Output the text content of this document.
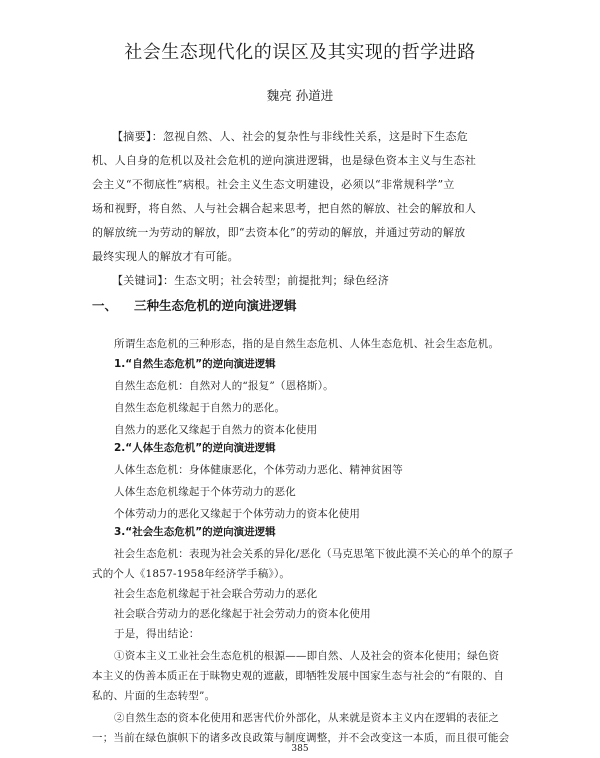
社会生态现代化的误区及其实现的哲学进路
魏亮 孙道进
【摘要】：忽视自然、人、社会的复杂性与非线性关系，这是时下生态危
机、人自身的危机以及社会危机的逆向演进逻辑，也是绿色资本主义与生态社
会主义“不彻底性”病根。社会主义生态文明建设，必须以“非常规科学”立
场和视野，将自然、人与社会耦合起来思考，把自然的解放、社会的解放和人
的解放统一为劳动的解放，即“去资本化”的劳动的解放，并通过劳动的解放
最终实现人的解放才有可能。
【关键词】：生态文明；社会转型；前提批判；绿色经济
一、 三种生态危机的逆向演进逻辑
所谓生态危机的三种形态，指的是自然生态危机、人体生态危机、社会生态危机。
1.“自然生态危机”的逆向演进逻辑
自然生态危机：自然对人的“报复”（恩格斯）。
自然生态危机缘起于自然力的恶化。
自然力的恶化又缘起于自然力的资本化使用
2.“人体生态危机”的逆向演进逻辑
人体生态危机：身体健康恶化，个体劳动力恶化、精神贫困等
人体生态危机缘起于个体劳动力的恶化
个体劳动力的恶化又缘起于个体劳动力的资本化使用
3.“社会生态危机”的逆向演进逻辑
社会生态危机：表现为社会关系的异化/恶化（马克思笔下彼此漠不关心的单个的原子
式的个人《1857-1958年经济学手稿》）。
社会生态危机缘起于社会联合劳动力的恶化
社会联合劳动力的恶化缘起于社会劳动力的资本化使用
于是，得出结论：
①资本主义工业社会生态危机的根源——即自然、人及社会的资本化使用；绿色资
本主义的伪善本质正在于昧物史观的遮蔽，即牺牲发展中国家生态与社会的“有限的、自
私的、片面的生态转型”。
②自然生态的资本化使用和恶害代价外部化，从来就是资本主义内在逻辑的表征之
一；当前在绿色旗帜下的诸多改良政策与制度调整，并不会改变这一本质，而且很可能会
385
